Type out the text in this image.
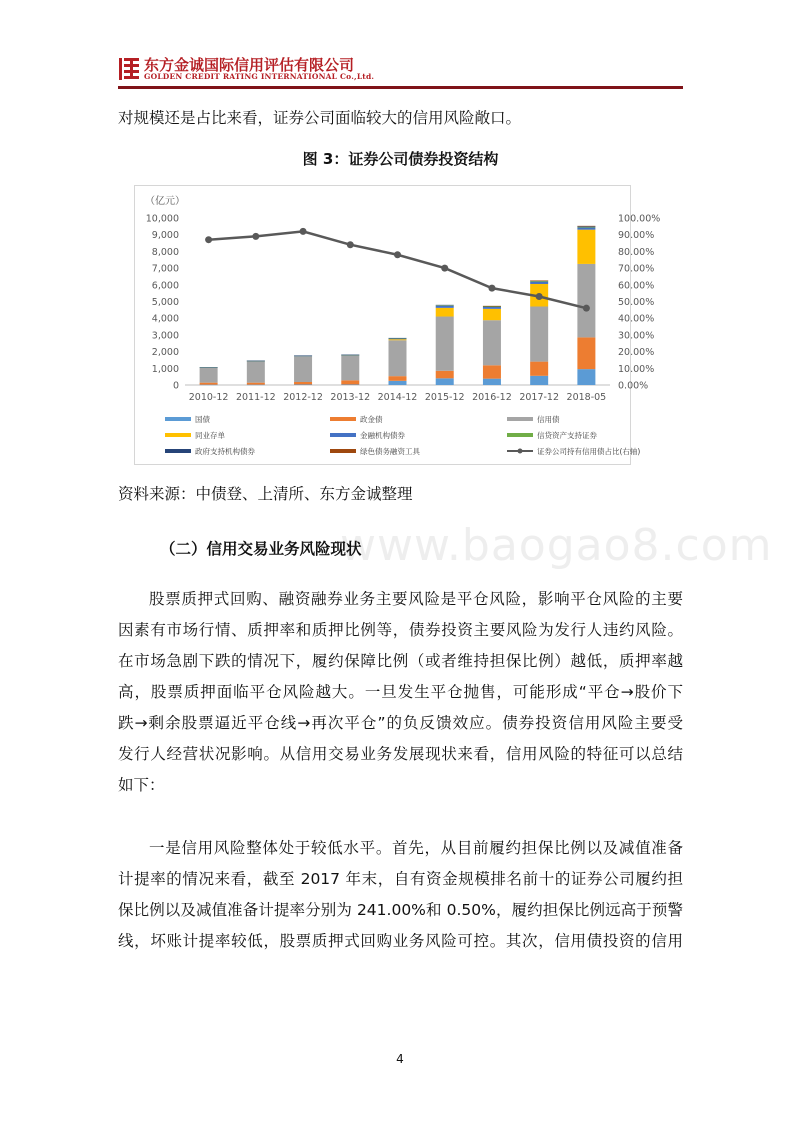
东方金诚国际信用评估有限公司
GOLDEN CREDIT RATING INTERNATIONAL Co.,Ltd.
对规模还是占比来看，证券公司面临较大的信用风险敞口。
图 3：证券公司债券投资结构
（亿元）
0
1,000
2,000
3,000
4,000
5,000
6,000
7,000
8,000
9,000
10,000
0.00%
10.00%
20.00%
30.00%
40.00%
50.00%
60.00%
70.00%
80.00%
90.00%
100.00%
2010-12 2011-12 2012-12 2013-12 2014-12 2015-12 2016-12 2017-12 2018-05
国债	政金债	信用债
同业存单	金融机构债券	信贷资产支持证券
政府支持机构债券	绿色债务融资工具	证券公司持有信用债占比(右轴)
资料来源：中债登、上清所、东方金诚整理
www.baogao8.com
（二）信用交易业务风险现状
股票质押式回购、融资融券业务主要风险是平仓风险，影响平仓风险的主要
因素有市场行情、质押率和质押比例等，债券投资主要风险为发行人违约风险。
在市场急剧下跌的情况下，履约保障比例（或者维持担保比例）越低，质押率越
高，股票质押面临平仓风险越大。一旦发生平仓抛售，可能形成“平仓→股价下
跌→剩余股票逼近平仓线→再次平仓”的负反馈效应。债券投资信用风险主要受
发行人经营状况影响。从信用交易业务发展现状来看，信用风险的特征可以总结
如下：
一是信用风险整体处于较低水平。首先，从目前履约担保比例以及减值准备
计提率的情况来看，截至 2017 年末，自有资金规模排名前十的证券公司履约担
保比例以及减值准备计提率分别为 241.00%和 0.50%，履约担保比例远高于预警
线，坏账计提率较低，股票质押式回购业务风险可控。其次，信用债投资的信用
4
